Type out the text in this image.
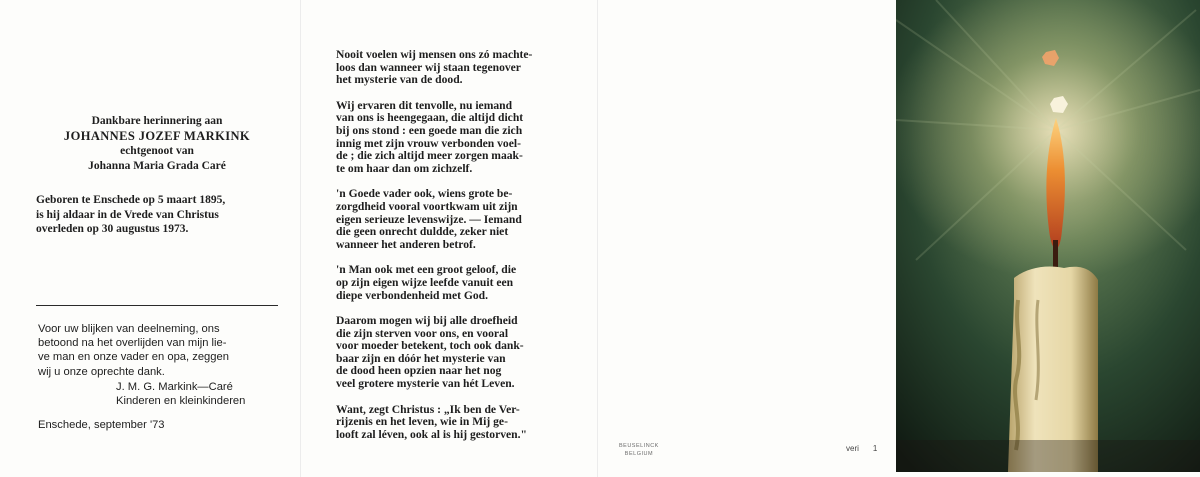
Dankbare herinnering aan
JOHANNES JOZEF MARKINK
echtgenoot van
Johanna Maria Grada Caré
Geboren te Enschede op 5 maart 1895,
is hij aldaar in de Vrede van Christus
overleden op 30 augustus 1973.
Voor uw blijken van deelneming, ons
betoond na het overlijden van mijn lie-
ve man en onze vader en opa, zeggen
wij u onze oprechte dank.
J. M. G. Markink—Caré
Kinderen en kleinkinderen
Enschede, september '73

Nooit voelen wij mensen ons zó machte-
loos dan wanneer wij staan tegenover
het mysterie van de dood.

Wij ervaren dit tenvolle, nu iemand
van ons is heengegaan, die altijd dicht
bij ons stond : een goede man die zich
innig met zijn vrouw verbonden voel-
de ; die zich altijd meer zorgen maak-
te om haar dan om zichzelf.

'n Goede vader ook, wiens grote be-
zorgdheid vooral voortkwam uit zijn
eigen serieuze levenswijze. — Iemand
die geen onrecht duldde, zeker niet
wanneer het anderen betrof.

'n Man ook met een groot geloof, die
op zijn eigen wijze leefde vanuit een
diepe verbondenheid met God.

Daarom mogen wij bij alle droefheid
die zijn sterven voor ons, en vooral
voor moeder betekent, toch ook dank-
baar zijn en dóór het mysterie van
de dood heen opzien naar het nog
veel grotere mysterie van hét Leven.

Want, zegt Christus : „Ik ben de Ver-
rijzenis en het leven, wie in Mij ge-
looft zal léven, ook al is hij gestorven."

BEUSELINCK
BELGIUM
veri 1
